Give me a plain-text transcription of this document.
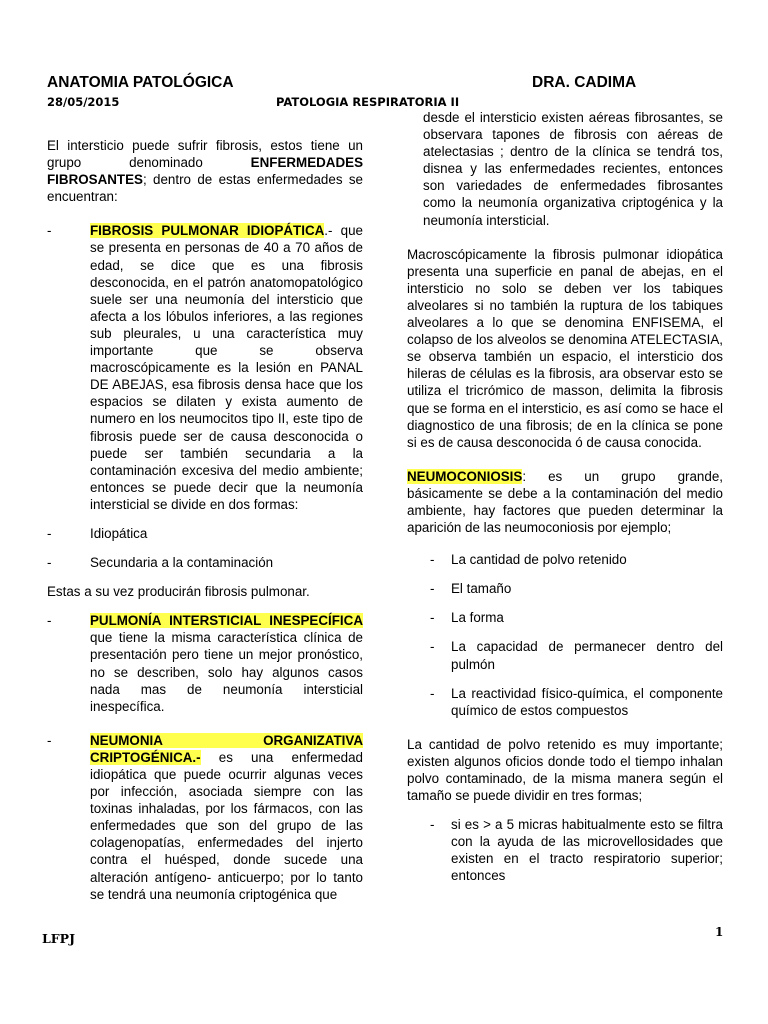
ANATOMIA PATOLÓGICA	DRA. CADIMA
28/05/2015	PATOLOGIA RESPIRATORIA II

El intersticio puede sufrir fibrosis, estos tiene un grupo denominado ENFERMEDADES FIBROSANTES; dentro de estas enfermedades se encuentran:

-	FIBROSIS PULMONAR IDIOPÁTICA.- que se presenta en personas de 40 a 70 años de edad, se dice que es una fibrosis desconocida, en el patrón anatomopatológico suele ser una neumonía del intersticio que afecta a los lóbulos inferiores, a las regiones sub pleurales, u una característica muy importante que se observa macroscópicamente es la lesión en PANAL DE ABEJAS, esa fibrosis densa hace que los espacios se dilaten y exista aumento de numero en los neumocitos tipo II, este tipo de fibrosis puede ser de causa desconocida o puede ser también secundaria a la contaminación excesiva del medio ambiente; entonces se puede decir que la neumonía intersticial se divide en dos formas:

-	Idiopática

-	Secundaria a la contaminación

Estas a su vez producirán fibrosis pulmonar.

-	PULMONÍA INTERSTICIAL INESPECÍFICA que tiene la misma característica clínica de presentación pero tiene un mejor pronóstico, no se describen, solo hay algunos casos nada mas de neumonía intersticial inespecífica.

-	NEUMONIA ORGANIZATIVA CRIPTOGÉNICA.- es una enfermedad idiopática que puede ocurrir algunas veces por infección, asociada siempre con las toxinas inhaladas, por los fármacos, con las enfermedades que son del grupo de las colagenopatías, enfermedades del injerto contra el huésped, donde sucede una alteración antígeno- anticuerpo; por lo tanto se tendrá una neumonía criptogénica que

desde el intersticio existen aéreas fibrosantes, se observara tapones de fibrosis con aéreas de atelectasias ; dentro de la clínica se tendrá tos, disnea y las enfermedades recientes, entonces son variedades de enfermedades fibrosantes como la neumonía organizativa criptogénica y la neumonía intersticial.

Macroscópicamente la fibrosis pulmonar idiopática presenta una superficie en panal de abejas, en el intersticio no solo se deben ver los tabiques alveolares si no también la ruptura de los tabiques alveolares a lo que se denomina ENFISEMA, el colapso de los alveolos se denomina ATELECTASIA, se observa también un espacio, el intersticio dos hileras de células es la fibrosis, ara observar esto se utiliza el tricrómico de masson, delimita la fibrosis que se forma en el intersticio, es así como se hace el diagnostico de una fibrosis; de en la clínica se pone si es de causa desconocida ó de causa conocida.

NEUMOCONIOSIS: es un grupo grande, básicamente se debe a la contaminación del medio ambiente, hay factores que pueden determinar la aparición de las neumoconiosis por ejemplo;

- La cantidad de polvo retenido

- El tamaño

- La forma

- La capacidad de permanecer dentro del pulmón

- La reactividad físico-química, el componente químico de estos compuestos

La cantidad de polvo retenido es muy importante; existen algunos oficios donde todo el tiempo inhalan polvo contaminado, de la misma manera según el tamaño se puede dividir en tres formas;

- si es > a 5 micras habitualmente esto se filtra con la ayuda de las microvellosidades que existen en el tracto respiratorio superior; entonces

LFPJ	1
